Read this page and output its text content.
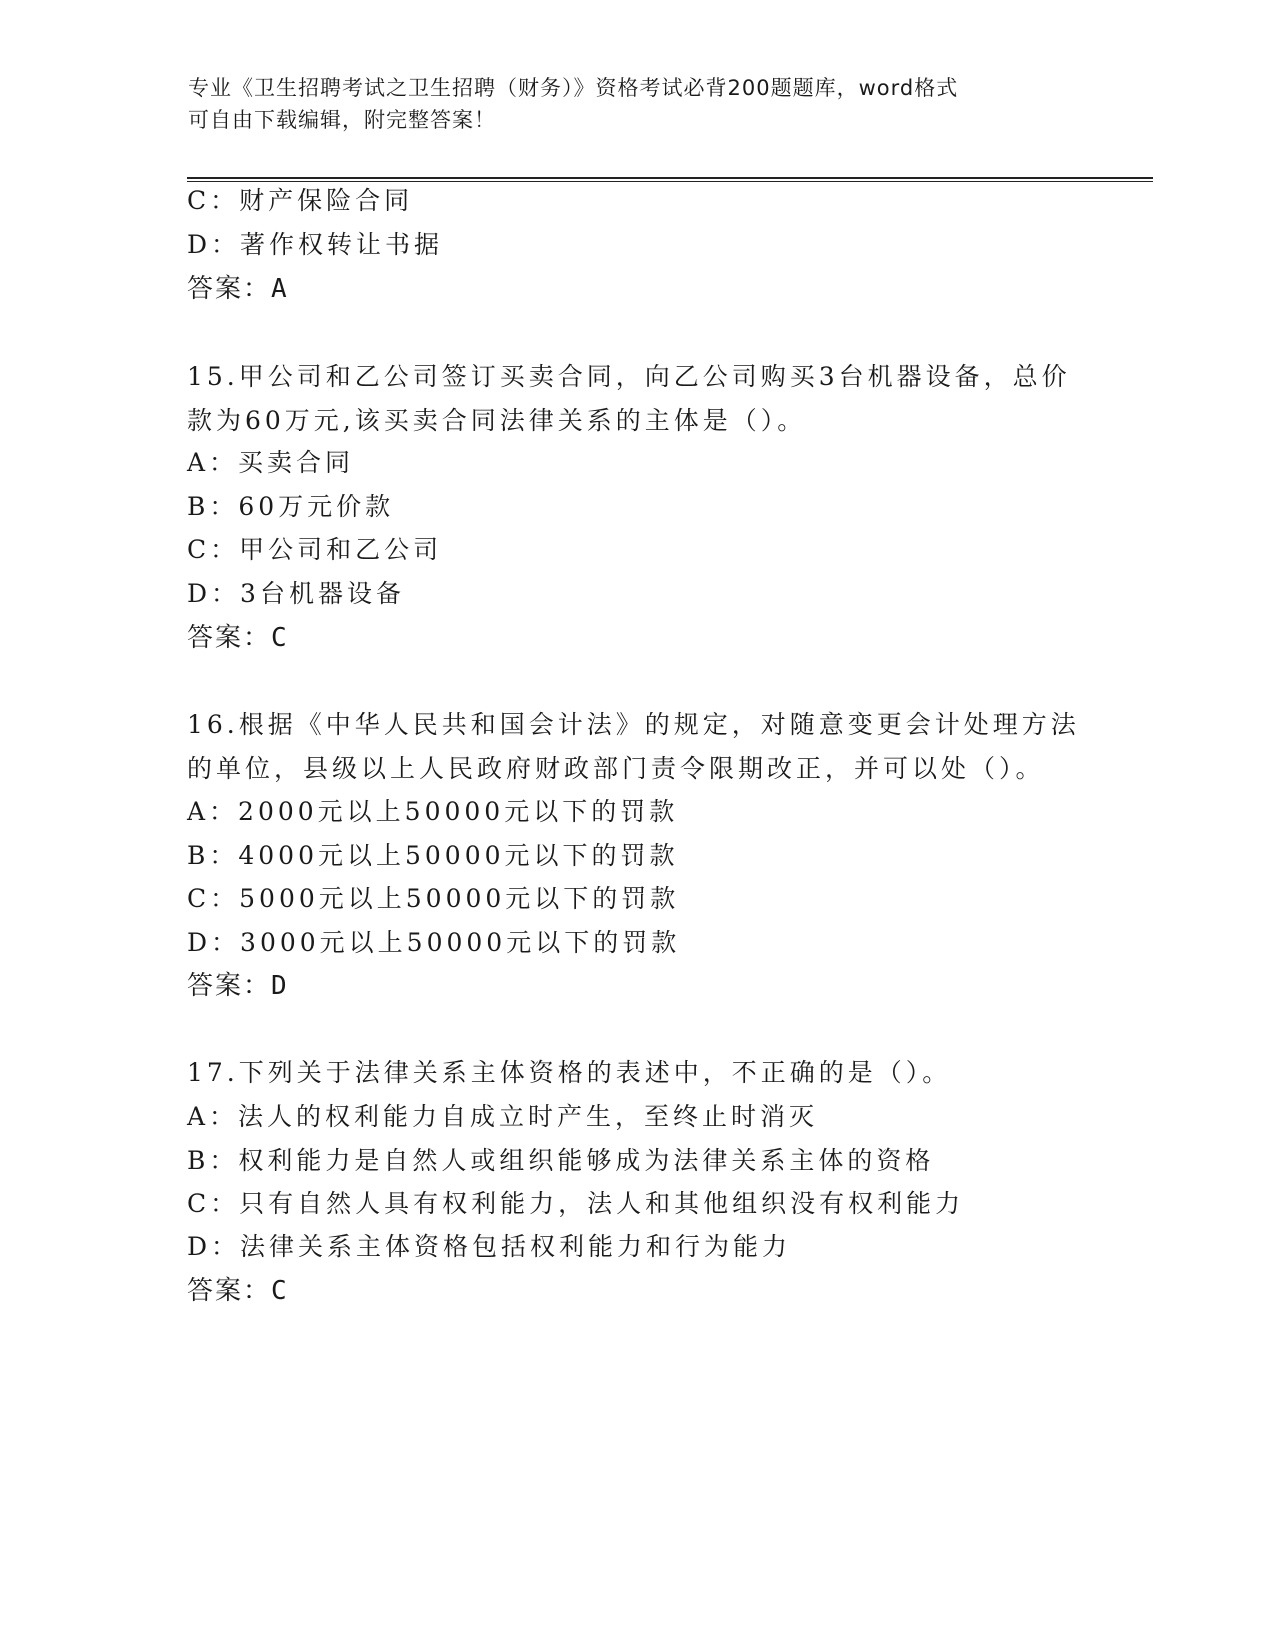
专业《卫生招聘考试之卫生招聘（财务）》资格考试必背200题题库，word格式
可自由下载编辑，附完整答案！
C：财产保险合同
D：著作权转让书据
答案：A
15.甲公司和乙公司签订买卖合同，向乙公司购买3台机器设备，总价
款为60万元,该买卖合同法律关系的主体是（）。
A：买卖合同
B：60万元价款
C：甲公司和乙公司
D：3台机器设备
答案：C
16.根据《中华人民共和国会计法》的规定，对随意变更会计处理方法
的单位，县级以上人民政府财政部门责令限期改正，并可以处（）。
A：2000元以上50000元以下的罚款
B：4000元以上50000元以下的罚款
C：5000元以上50000元以下的罚款
D：3000元以上50000元以下的罚款
答案：D
17.下列关于法律关系主体资格的表述中，不正确的是（）。
A：法人的权利能力自成立时产生，至终止时消灭
B：权利能力是自然人或组织能够成为法律关系主体的资格
C：只有自然人具有权利能力，法人和其他组织没有权利能力
D：法律关系主体资格包括权利能力和行为能力
答案：C
